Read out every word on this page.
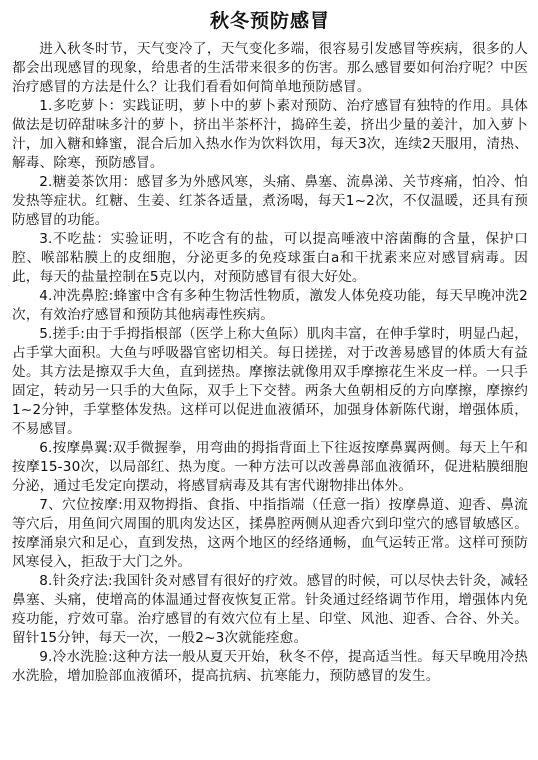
秋冬预防感冒

进入秋冬时节，天气变冷了，天气变化多端，很容易引发感冒等疾病，很多的人都会出现感冒的现象，给患者的生活带来很多的伤害。那么感冒要如何治疗呢？中医治疗感冒的方法是什么？让我们看看如何简单地预防感冒。

1.多吃萝卜：实践证明，萝卜中的萝卜素对预防、治疗感冒有独特的作用。具体做法是切碎甜味多汁的萝卜，挤出半茶杯汁，捣碎生姜，挤出少量的姜汁，加入萝卜汁，加入糖和蜂蜜，混合后加入热水作为饮料饮用，每天3次，连续2天服用，清热、解毒、除寒，预防感冒。

2.糖姜茶饮用：感冒多为外感风寒，头痛、鼻塞、流鼻涕、关节疼痛，怕冷、怕发热等症状。红糖、生姜、红茶各适量，煮汤喝，每天1~2次，不仅温暖，还具有预防感冒的功能。

3.不吃盐：实验证明，不吃含有的盐，可以提高唾液中溶菌酶的含量，保护口腔、喉部粘膜上的皮细胞，分泌更多的免疫球蛋白a和干扰素来应对感冒病毒。因此，每天的盐量控制在5克以内，对预防感冒有很大好处。

4.冲洗鼻腔:蜂蜜中含有多种生物活性物质，激发人体免疫功能，每天早晚冲洗2次，有效治疗感冒和预防其他病毒性疾病。

5.搓手:由于手拇指根部（医学上称大鱼际）肌肉丰富，在伸手掌时，明显凸起，占手掌大面积。大鱼与呼吸器官密切相关。每日搓搓，对于改善易感冒的体质大有益处。其方法是擦双手大鱼，直到搓热。摩擦法就像用双手摩擦花生米皮一样。一只手固定，转动另一只手的大鱼际，双手上下交替。两条大鱼朝相反的方向摩擦，摩擦约1~2分钟，手掌整体发热。这样可以促进血液循环，加强身体新陈代谢，增强体质，不易感冒。

6.按摩鼻翼:双手微握拳，用弯曲的拇指背面上下往返按摩鼻翼两侧。每天上午和按摩15-30次，以局部红、热为度。一种方法可以改善鼻部血液循环，促进粘膜细胞分泌，通过毛发定向摆动，将感冒病毒及其有害代谢物排出体外。

7、穴位按摩:用双物拇指、食指、中指指端（任意一指）按摩鼻道、迎香、鼻流等穴后，用鱼间穴周围的肌肉发达区，揉鼻腔两侧从迎香穴到印堂穴的感冒敏感区。按摩涌泉穴和足心，直到发热，这两个地区的经络通畅，血气运转正常。这样可预防风寒侵入，拒敌于大门之外。

8.针灸疗法:我国针灸对感冒有很好的疗效。感冒的时候，可以尽快去针灸，减轻鼻塞、头痛，使增高的体温通过督夜恢复正常。针灸通过经络调节作用，增强体内免疫功能，疗效可靠。治疗感冒的有效穴位有上星、印堂、风池、迎香、合谷、外关。留针15分钟，每天一次，一般2~3次就能痊愈。

9.冷水洗脸:这种方法一般从夏天开始，秋冬不停，提高适当性。每天早晚用冷热水洗脸，增加脸部血液循环，提高抗病、抗寒能力，预防感冒的发生。
